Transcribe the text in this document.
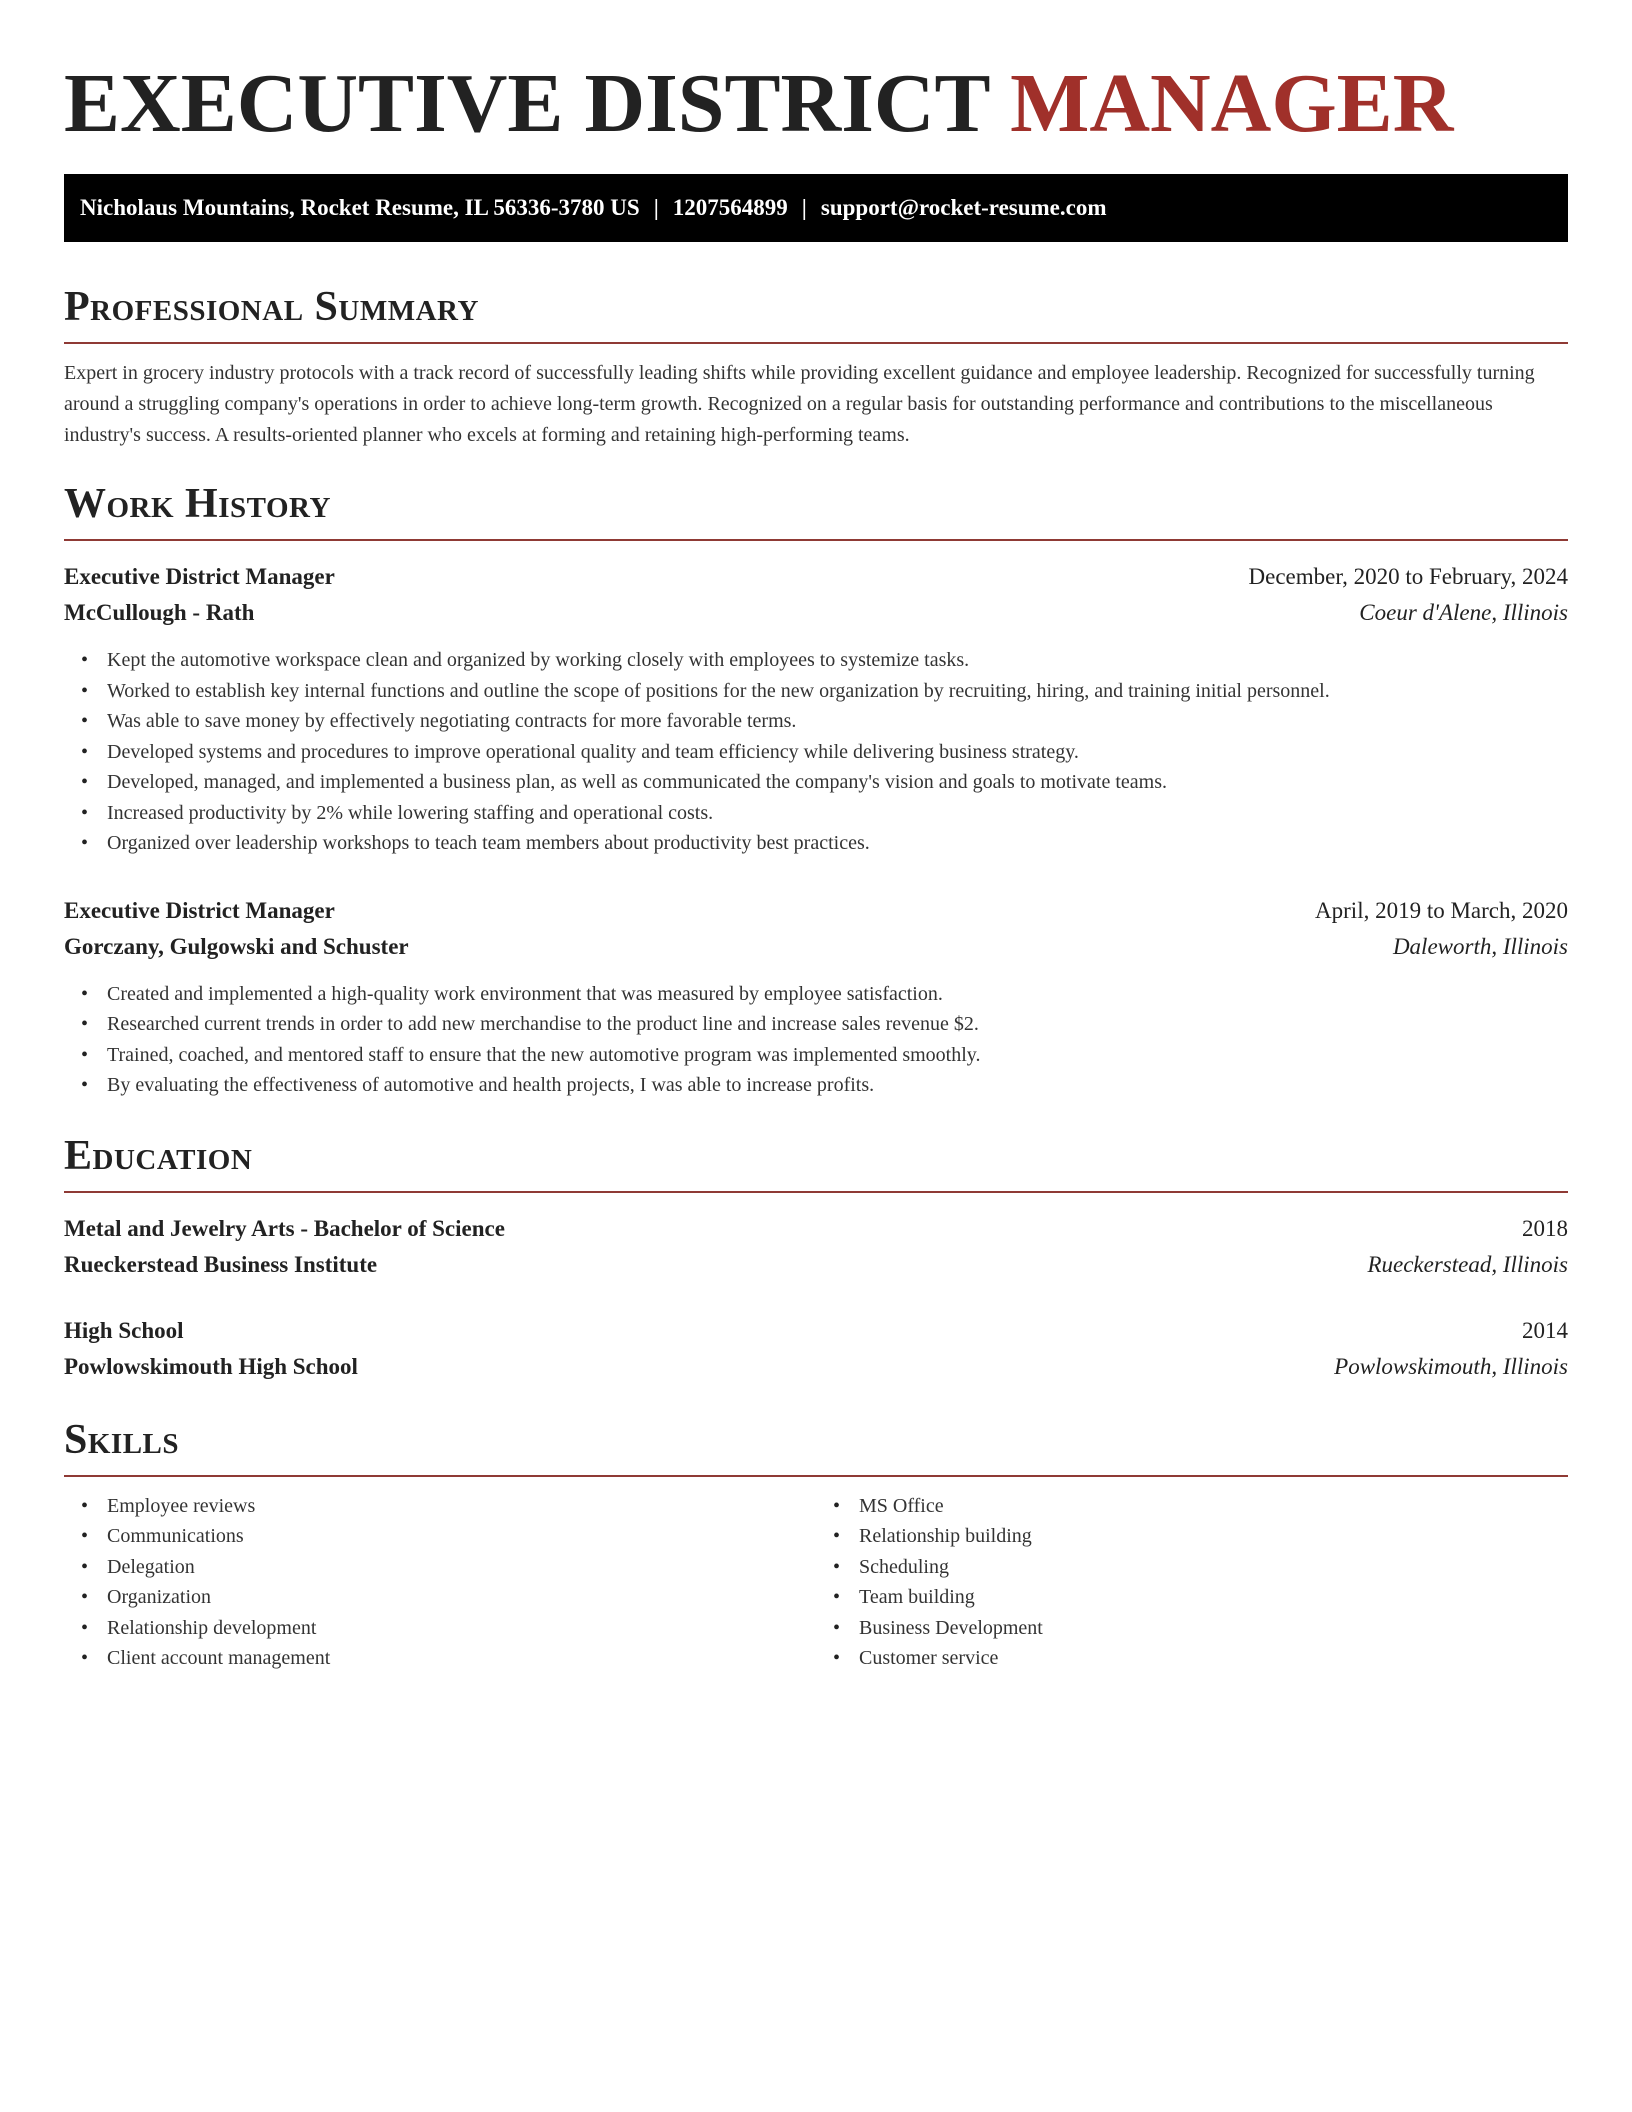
EXECUTIVE DISTRICT MANAGER
Nicholaus Mountains, Rocket Resume, IL 56336-3780 US | 1207564899 | support@rocket-resume.com
Professional Summary

Expert in grocery industry protocols with a track record of successfully leading shifts while providing excellent guidance and employee leadership. Recognized for successfully turning around a struggling company's operations in order to achieve long-term growth. Recognized on a regular basis for outstanding performance and contributions to the miscellaneous industry's success. A results-oriented planner who excels at forming and retaining high-performing teams.

Work History
Executive District Manager	December, 2020 to February, 2024
McCullough - Rath	Coeur d'Alene, Illinois
• Kept the automotive workspace clean and organized by working closely with employees to systemize tasks.
• Worked to establish key internal functions and outline the scope of positions for the new organization by recruiting, hiring, and training initial personnel.
• Was able to save money by effectively negotiating contracts for more favorable terms.
• Developed systems and procedures to improve operational quality and team efficiency while delivering business strategy.
• Developed, managed, and implemented a business plan, as well as communicated the company's vision and goals to motivate teams.
• Increased productivity by 2% while lowering staffing and operational costs.
• Organized over leadership workshops to teach team members about productivity best practices.
Executive District Manager	April, 2019 to March, 2020
Gorczany, Gulgowski and Schuster	Daleworth, Illinois
• Created and implemented a high-quality work environment that was measured by employee satisfaction.
• Researched current trends in order to add new merchandise to the product line and increase sales revenue $2.
• Trained, coached, and mentored staff to ensure that the new automotive program was implemented smoothly.
• By evaluating the effectiveness of automotive and health projects, I was able to increase profits.
Education
Metal and Jewelry Arts - Bachelor of Science	2018
Rueckerstead Business Institute	Rueckerstead, Illinois
High School	2014
Powlowskimouth High School	Powlowskimouth, Illinois
Skills
• Employee reviews
• Communications
• Delegation
• Organization
• Relationship development
• Client account management
• MS Office
• Relationship building
• Scheduling
• Team building
• Business Development
• Customer service
